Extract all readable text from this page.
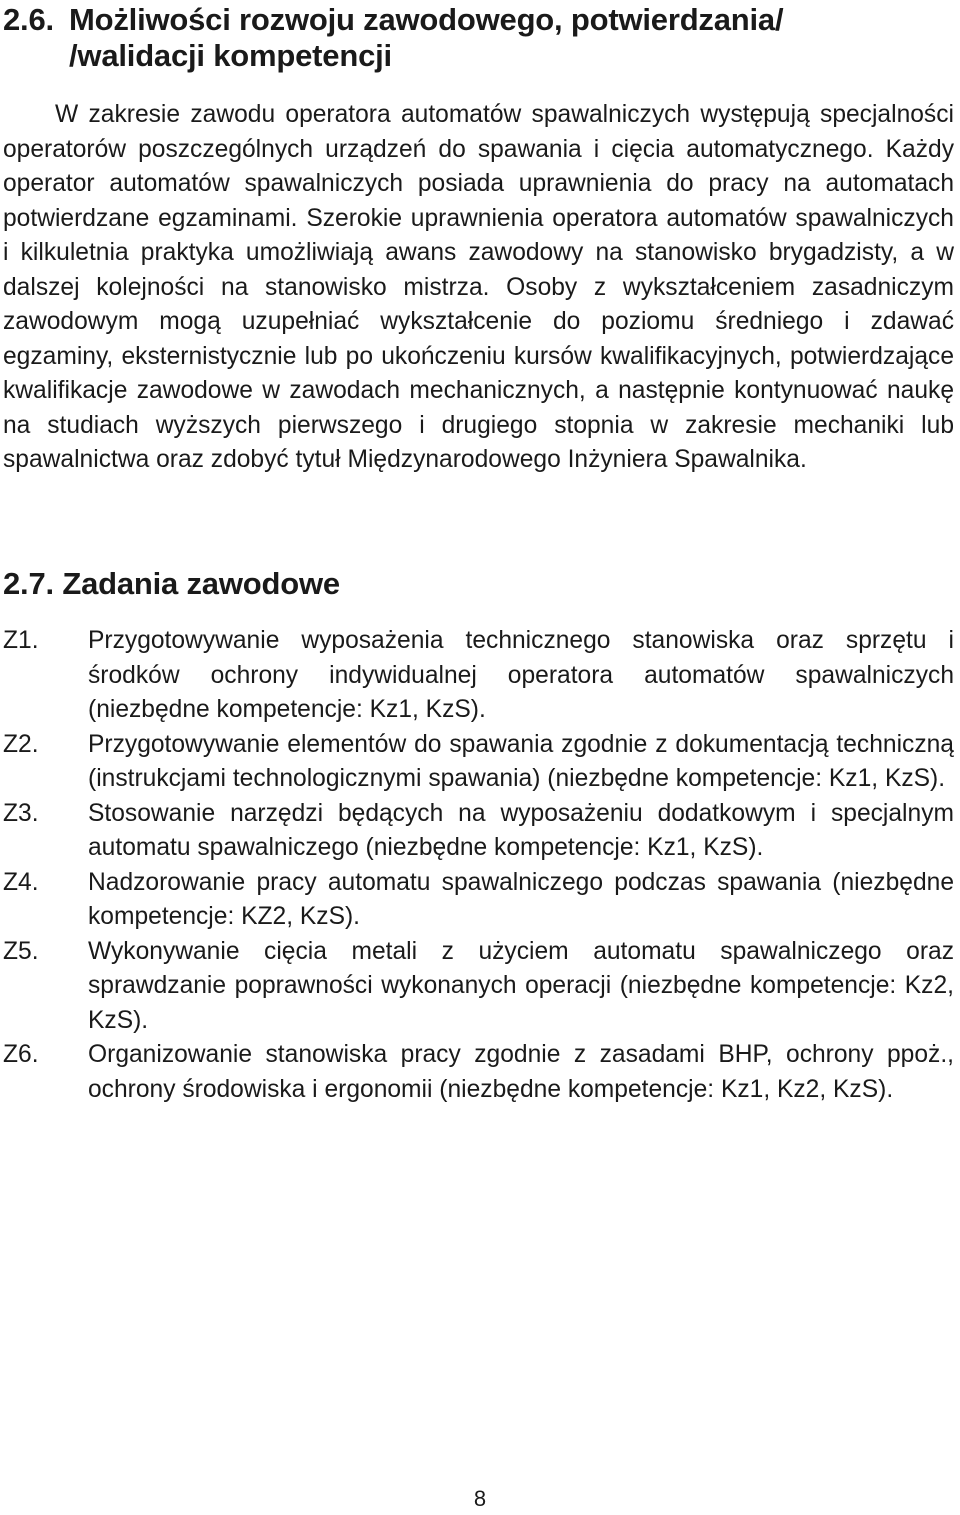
2.6. Możliwości rozwoju zawodowego, potwierdzania/
/walidacji kompetencji

W zakresie zawodu operatora automatów spawalniczych występują specjalności operatorów poszczególnych urządzeń do spawania i cięcia automatycznego. Każdy operator automatów spawalniczych posiada uprawnienia do pracy na automatach potwierdzane egzaminami. Szerokie uprawnienia operatora automatów spawalniczych i kilkuletnia praktyka umożliwiają awans zawodowy na stanowisko brygadzisty, a w dalszej kolejności na stanowisko mistrza. Osoby z wykształceniem zasadniczym zawodowym mogą uzupełniać wykształcenie do poziomu średniego i zdawać egzaminy, eksternistycznie lub po ukończeniu kursów kwalifikacyjnych, potwierdzające kwalifikacje zawodowe w zawodach mechanicznych, a następnie kontynuować naukę na studiach wyższych pierwszego i drugiego stopnia w zakresie mechaniki lub spawalnictwa oraz zdobyć tytuł Międzynarodowego Inżyniera Spawalnika.

2.7. Zadania zawodowe
Z1.	Przygotowywanie wyposażenia technicznego stanowiska oraz sprzętu i środków ochrony indywidualnej operatora automatów spawalniczych (niezbędne kompetencje: Kz1, KzS).
Z2.	Przygotowywanie elementów do spawania zgodnie z dokumentacją techniczną (instrukcjami technologicznymi spawania) (niezbędne kompetencje: Kz1, KzS).
Z3.	Stosowanie narzędzi będących na wyposażeniu dodatkowym i specjalnym automatu spawalniczego (niezbędne kompetencje: Kz1, KzS).
Z4.	Nadzorowanie pracy automatu spawalniczego podczas spawania (niezbędne kompetencje: KZ2, KzS).
Z5.	Wykonywanie cięcia metali z użyciem automatu spawalniczego oraz sprawdzanie poprawności wykonanych operacji (niezbędne kompetencje: Kz2, KzS).
Z6.	Organizowanie stanowiska pracy zgodnie z zasadami BHP, ochrony ppoż., ochrony środowiska i ergonomii (niezbędne kompetencje: Kz1, Kz2, KzS).
8
